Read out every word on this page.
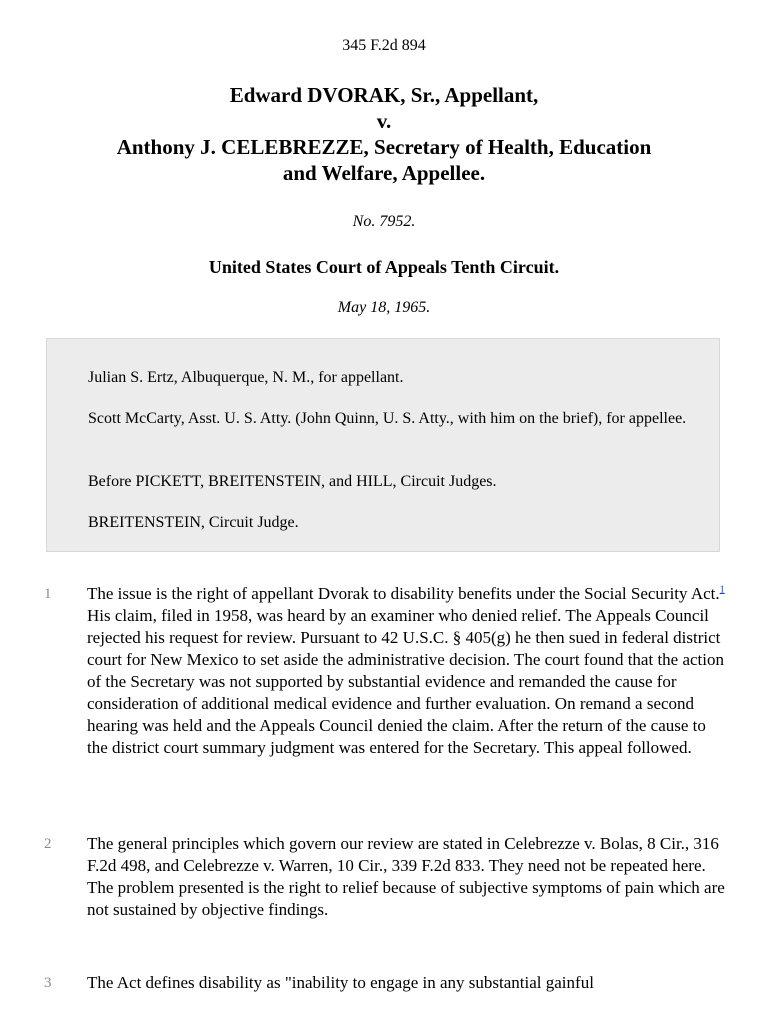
345 F.2d 894
Edward DVORAK, Sr., Appellant,
v.
Anthony J. CELEBREZZE, Secretary of Health, Education
and Welfare, Appellee.
No. 7952.
United States Court of Appeals Tenth Circuit.
May 18, 1965.
Julian S. Ertz, Albuquerque, N. M., for appellant.
Scott McCarty, Asst. U. S. Atty. (John Quinn, U. S. Atty., with him on the brief), for appellee.
Before PICKETT, BREITENSTEIN, and HILL, Circuit Judges.
BREITENSTEIN, Circuit Judge.
1 The issue is the right of appellant Dvorak to disability benefits under the Social Security Act.$^1$ His claim, filed in 1958, was heard by an examiner who denied relief. The Appeals Council rejected his request for review. Pursuant to 42 U.S.C. § 405(g) he then sued in federal district court for New Mexico to set aside the administrative decision. The court found that the action of the Secretary was not supported by substantial evidence and remanded the cause for consideration of additional medical evidence and further evaluation. On remand a second hearing was held and the Appeals Council denied the claim. After the return of the cause to the district court summary judgment was entered for the Secretary. This appeal followed.
2 The general principles which govern our review are stated in Celebrezze v. Bolas, 8 Cir., 316 F.2d 498, and Celebrezze v. Warren, 10 Cir., 339 F.2d 833. They need not be repeated here. The problem presented is the right to relief because of subjective symptoms of pain which are not sustained by objective findings.
3 The Act defines disability as "inability to engage in any substantial gainful
